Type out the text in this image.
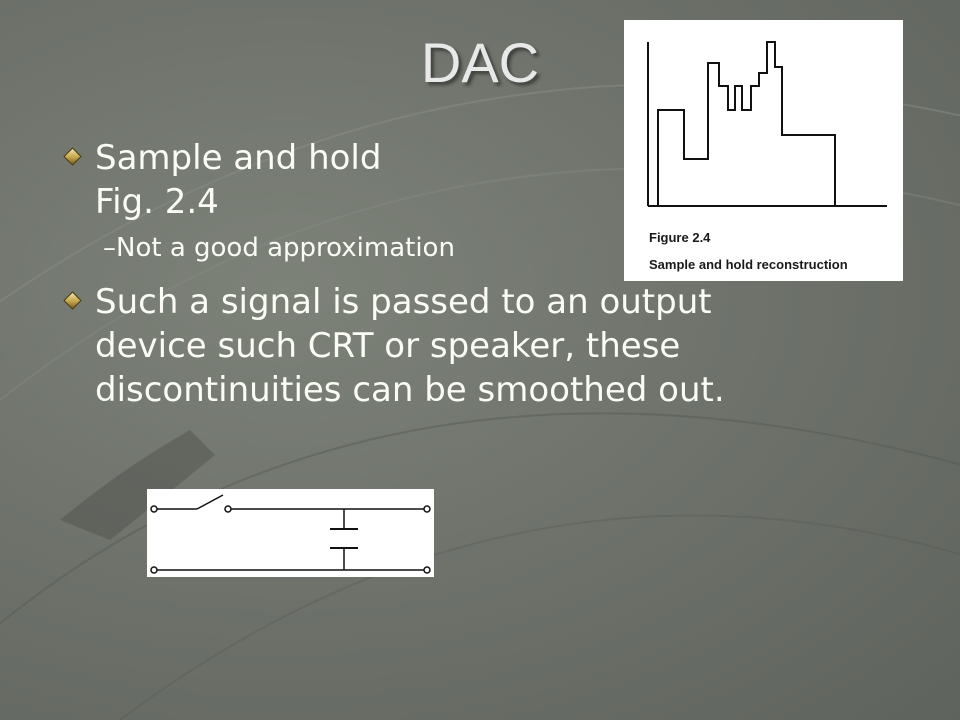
DAC
Sample and hold
Fig. 2.4
–Not a good approximation
Such a signal is passed to an output
device such CRT or speaker, these
discontinuities can be smoothed out.
Figure 2.4
Sample and hold reconstruction
